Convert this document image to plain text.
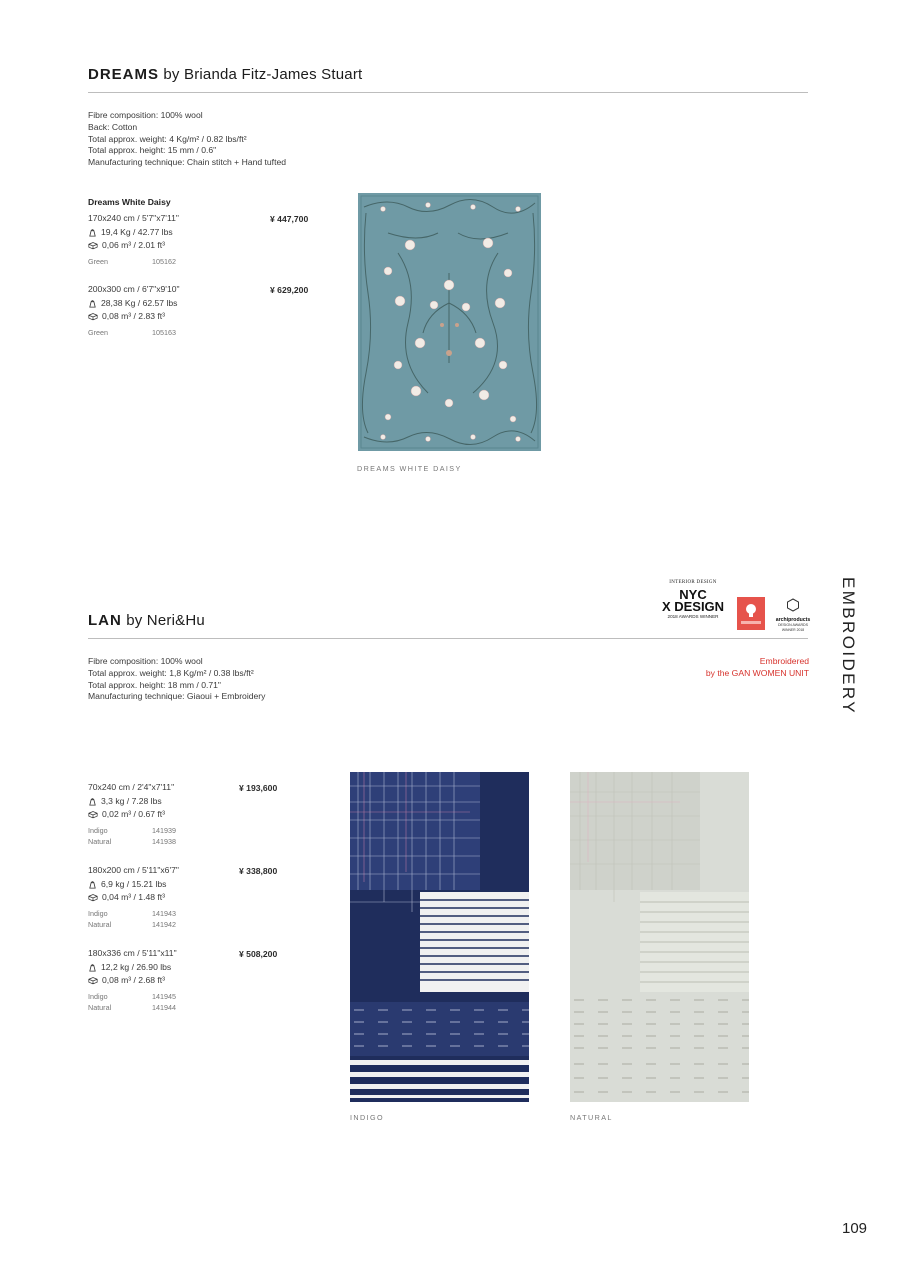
DREAMS by Brianda Fitz-James Stuart
Fibre composition: 100% wool
Back: Cotton
Total approx. weight: 4 Kg/m² / 0.82 lbs/ft²
Total approx. height: 15 mm / 0.6"
Manufacturing technique: Chain stitch + Hand tufted
Dreams White Daisy
170x240 cm / 5'7"x7'11"
19,4 Kg / 42.77 lbs
0,06 m³ / 2.01 ft³
Green	105162
¥ 447,700
200x300 cm / 6'7"x9'10"
28,38 Kg / 62.57 lbs
0,08 m³ / 2.83 ft³
Green	105163
¥ 629,200
DREAMS WHITE DAISY
EMBROIDERY
INTERIOR DESIGN
NYC
X DESIGN
2018 AWARDS WINNER
archiproducts
DESIGN AWARDS
WINNER 2018
LAN by Neri&Hu
Fibre composition: 100% wool
Total approx. weight: 1,8 Kg/m² / 0.38 lbs/ft²
Total approx. height: 18 mm / 0.71"
Manufacturing technique: Giaoui + Embroidery
Embroidered
by the GAN WOMEN UNIT
70x240 cm / 2'4"x7'11"
3,3 kg / 7.28 lbs
0,02 m³ / 0.67 ft³
Indigo	141939
Natural	141938
¥ 193,600
180x200 cm / 5'11"x6'7"
6,9 kg / 15.21 lbs
0,04 m³ / 1.48 ft³
Indigo	141943
Natural	141942
¥ 338,800
180x336 cm / 5'11"x11"
12,2 kg / 26.90 lbs
0,08 m³ / 2.68 ft³
Indigo	141945
Natural	141944
¥ 508,200
INDIGO	NATURAL
109
